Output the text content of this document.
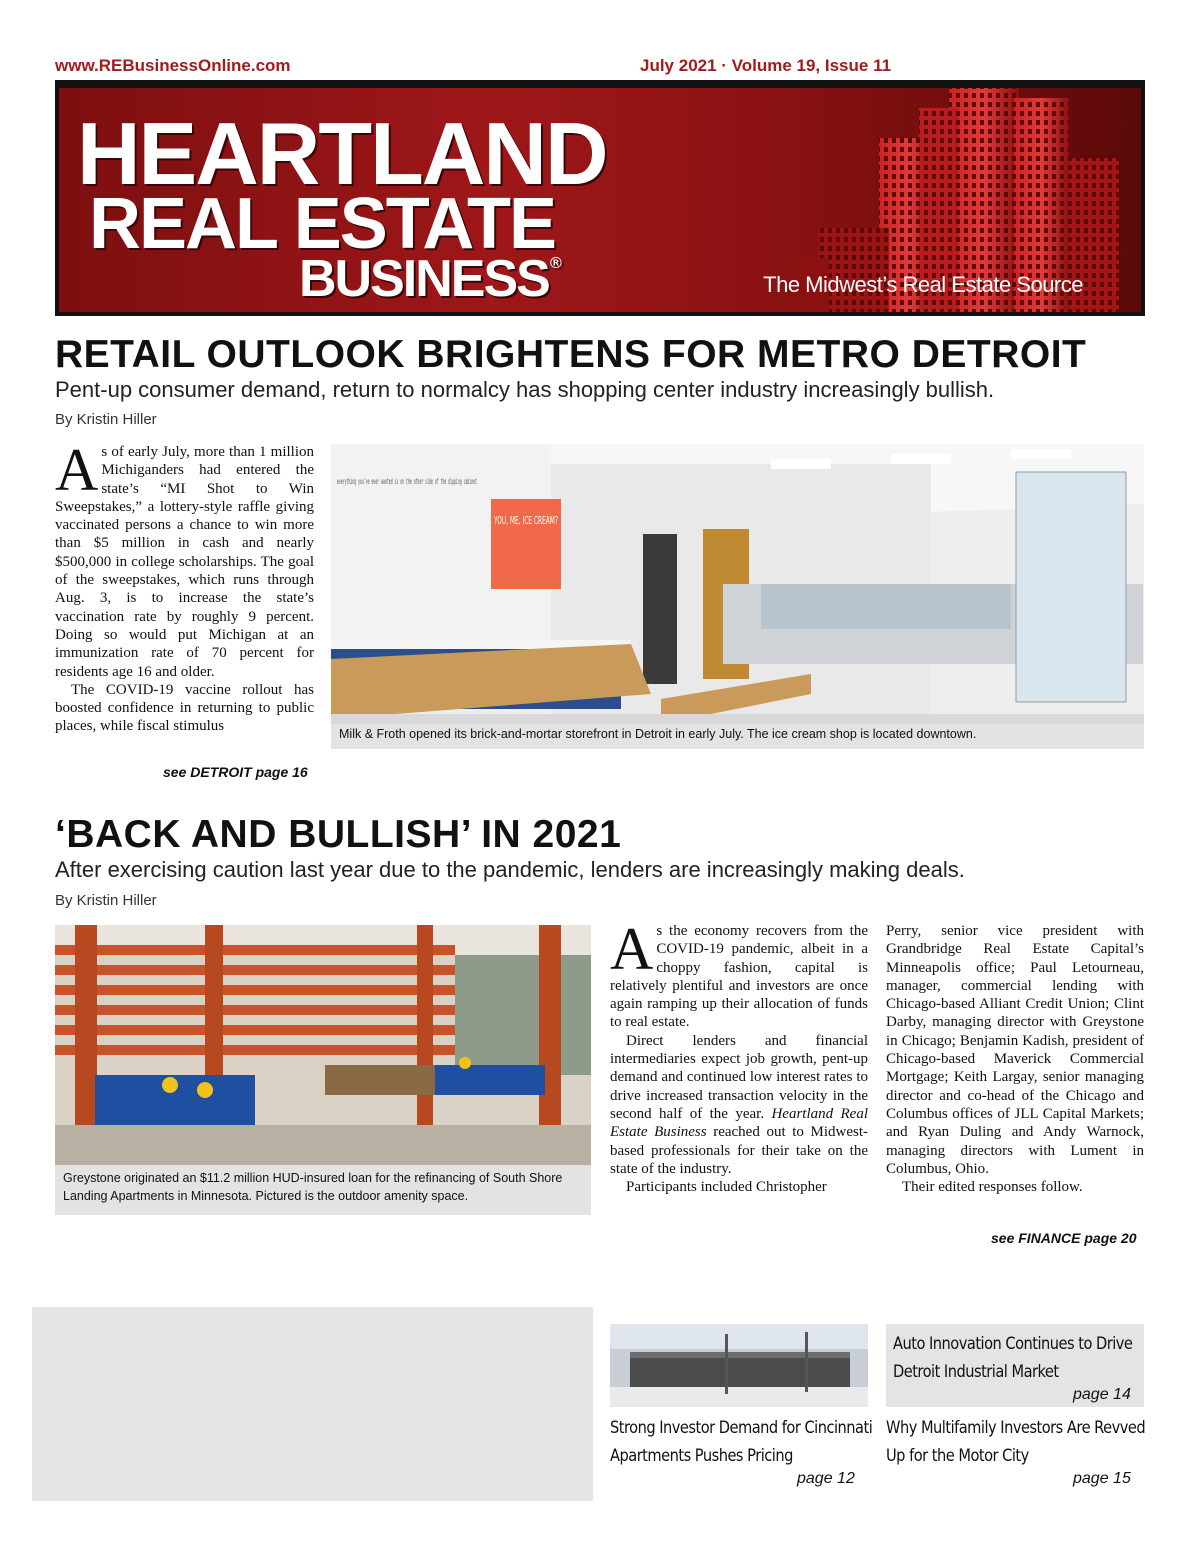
www.REBusinessOnline.com	July 2021 · Volume 19, Issue 11
HEARTLAND
REAL ESTATE
BUSINESS ®
The Midwest’s Real Estate Source
RETAIL OUTLOOK BRIGHTENS FOR METRO DETROIT
Pent-up consumer demand, return to normalcy has shopping center industry increasingly bullish.
By Kristin Hiller

As of early July, more than 1 million Michiganders had entered the state’s “MI Shot to Win Sweepstakes,” a lottery-style raffle giving vaccinated persons a chance to win more than $5 million in cash and nearly $500,000 in college scholarships. The goal of the sweepstakes, which runs through Aug. 3, is to increase the state’s vaccination rate by roughly 9 percent. Doing so would put Michigan at an immunization rate of 70 percent for residents age 16 and older.

The COVID-19 vaccine rollout has boosted confidence in returning to public places, while fiscal stimulus

see DETROIT page 16
YOU, ME, ICE CREAM?
everything you’ve ever wanted is on the other side of the dipping cabinet
Milk & Froth opened its brick-and-mortar storefront in Detroit in early July. The ice cream shop is located downtown.
‘BACK AND BULLISH’ IN 2021
After exercising caution last year due to the pandemic, lenders are increasingly making deals.
By Kristin Hiller
Greystone originated an $11.2 million HUD-insured loan for the refinancing of South Shore Landing Apartments in Minnesota. Pictured is the outdoor amenity space.

As the economy recovers from the COVID-19 pandemic, albeit in a choppy fashion, capital is relatively plentiful and investors are once again ramping up their allocation of funds to real estate.

Direct lenders and financial intermediaries expect job growth, pent-up demand and continued low interest rates to drive increased transaction velocity in the second half of the year. Heartland Real Estate Business reached out to Midwest-based professionals for their take on the state of the industry.

Participants included Christopher

Perry, senior vice president with Grandbridge Real Estate Capital’s Minneapolis office; Paul Letourneau, manager, commercial lending with Chicago-based Alliant Credit Union; Clint Darby, managing director with Greystone in Chicago; Benjamin Kadish, president of Chicago-based Maverick Commercial Mortgage; Keith Largay, senior managing director and co-head of the Chicago and Columbus offices of JLL Capital Markets; and Ryan Duling and Andy Warnock, managing directors with Lument in Columbus, Ohio.

Their edited responses follow.

see FINANCE page 20
Strong Investor Demand for Cincinnati
Apartments Pushes Pricing
page 12
Auto Innovation Continues to Drive
Detroit Industrial Market
page 14
Why Multifamily Investors Are Revved
Up for the Motor City
page 15
